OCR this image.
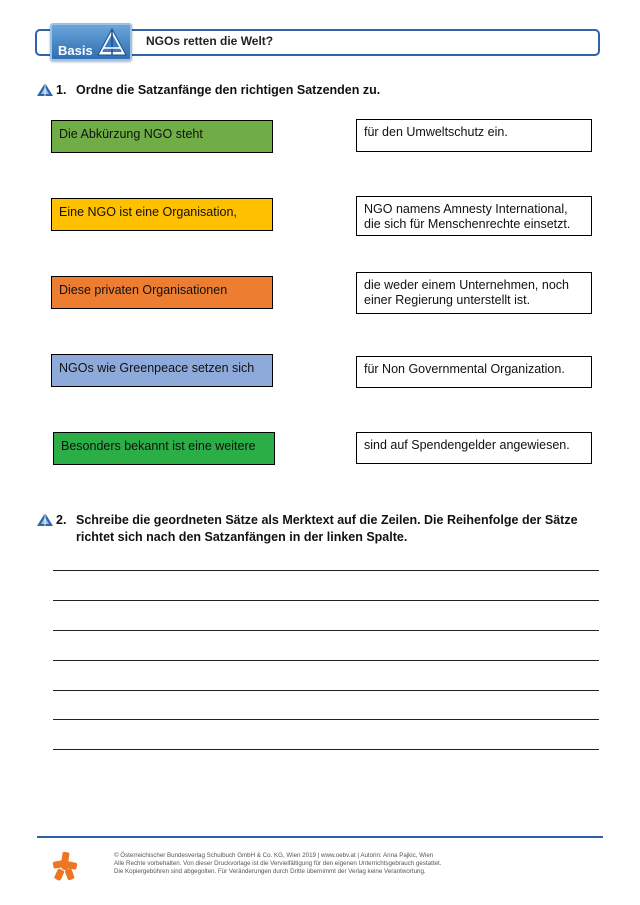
Basis
NGOs retten die Welt?
1. Ordne die Satzanfänge den richtigen Satzenden zu.
Die Abkürzung NGO steht
Eine NGO ist eine Organisation,
Diese privaten Organisationen
NGOs wie Greenpeace setzen sich
Besonders bekannt ist eine weitere
für den Umweltschutz ein.
NGO namens Amnesty International,
die sich für Menschenrechte einsetzt.
die weder einem Unternehmen, noch
einer Regierung unterstellt ist.
für Non Governmental Organization.
sind auf Spendengelder angewiesen.
2. Schreibe die geordneten Sätze als Merktext auf die Zeilen. Die Reihenfolge der Sätze
richtet sich nach den Satzanfängen in der linken Spalte.
© Österreichischer Bundesverlag Schulbuch GmbH & Co. KG, Wien 2019 | www.oebv.at | Autorin: Anna Pajkic, Wien
Alle Rechte vorbehalten. Von dieser Druckvorlage ist die Vervielfältigung für den eigenen Unterrichtsgebrauch gestattet.
Die Kopiergebühren sind abgegolten. Für Veränderungen durch Dritte übernimmt der Verlag keine Verantwortung.
